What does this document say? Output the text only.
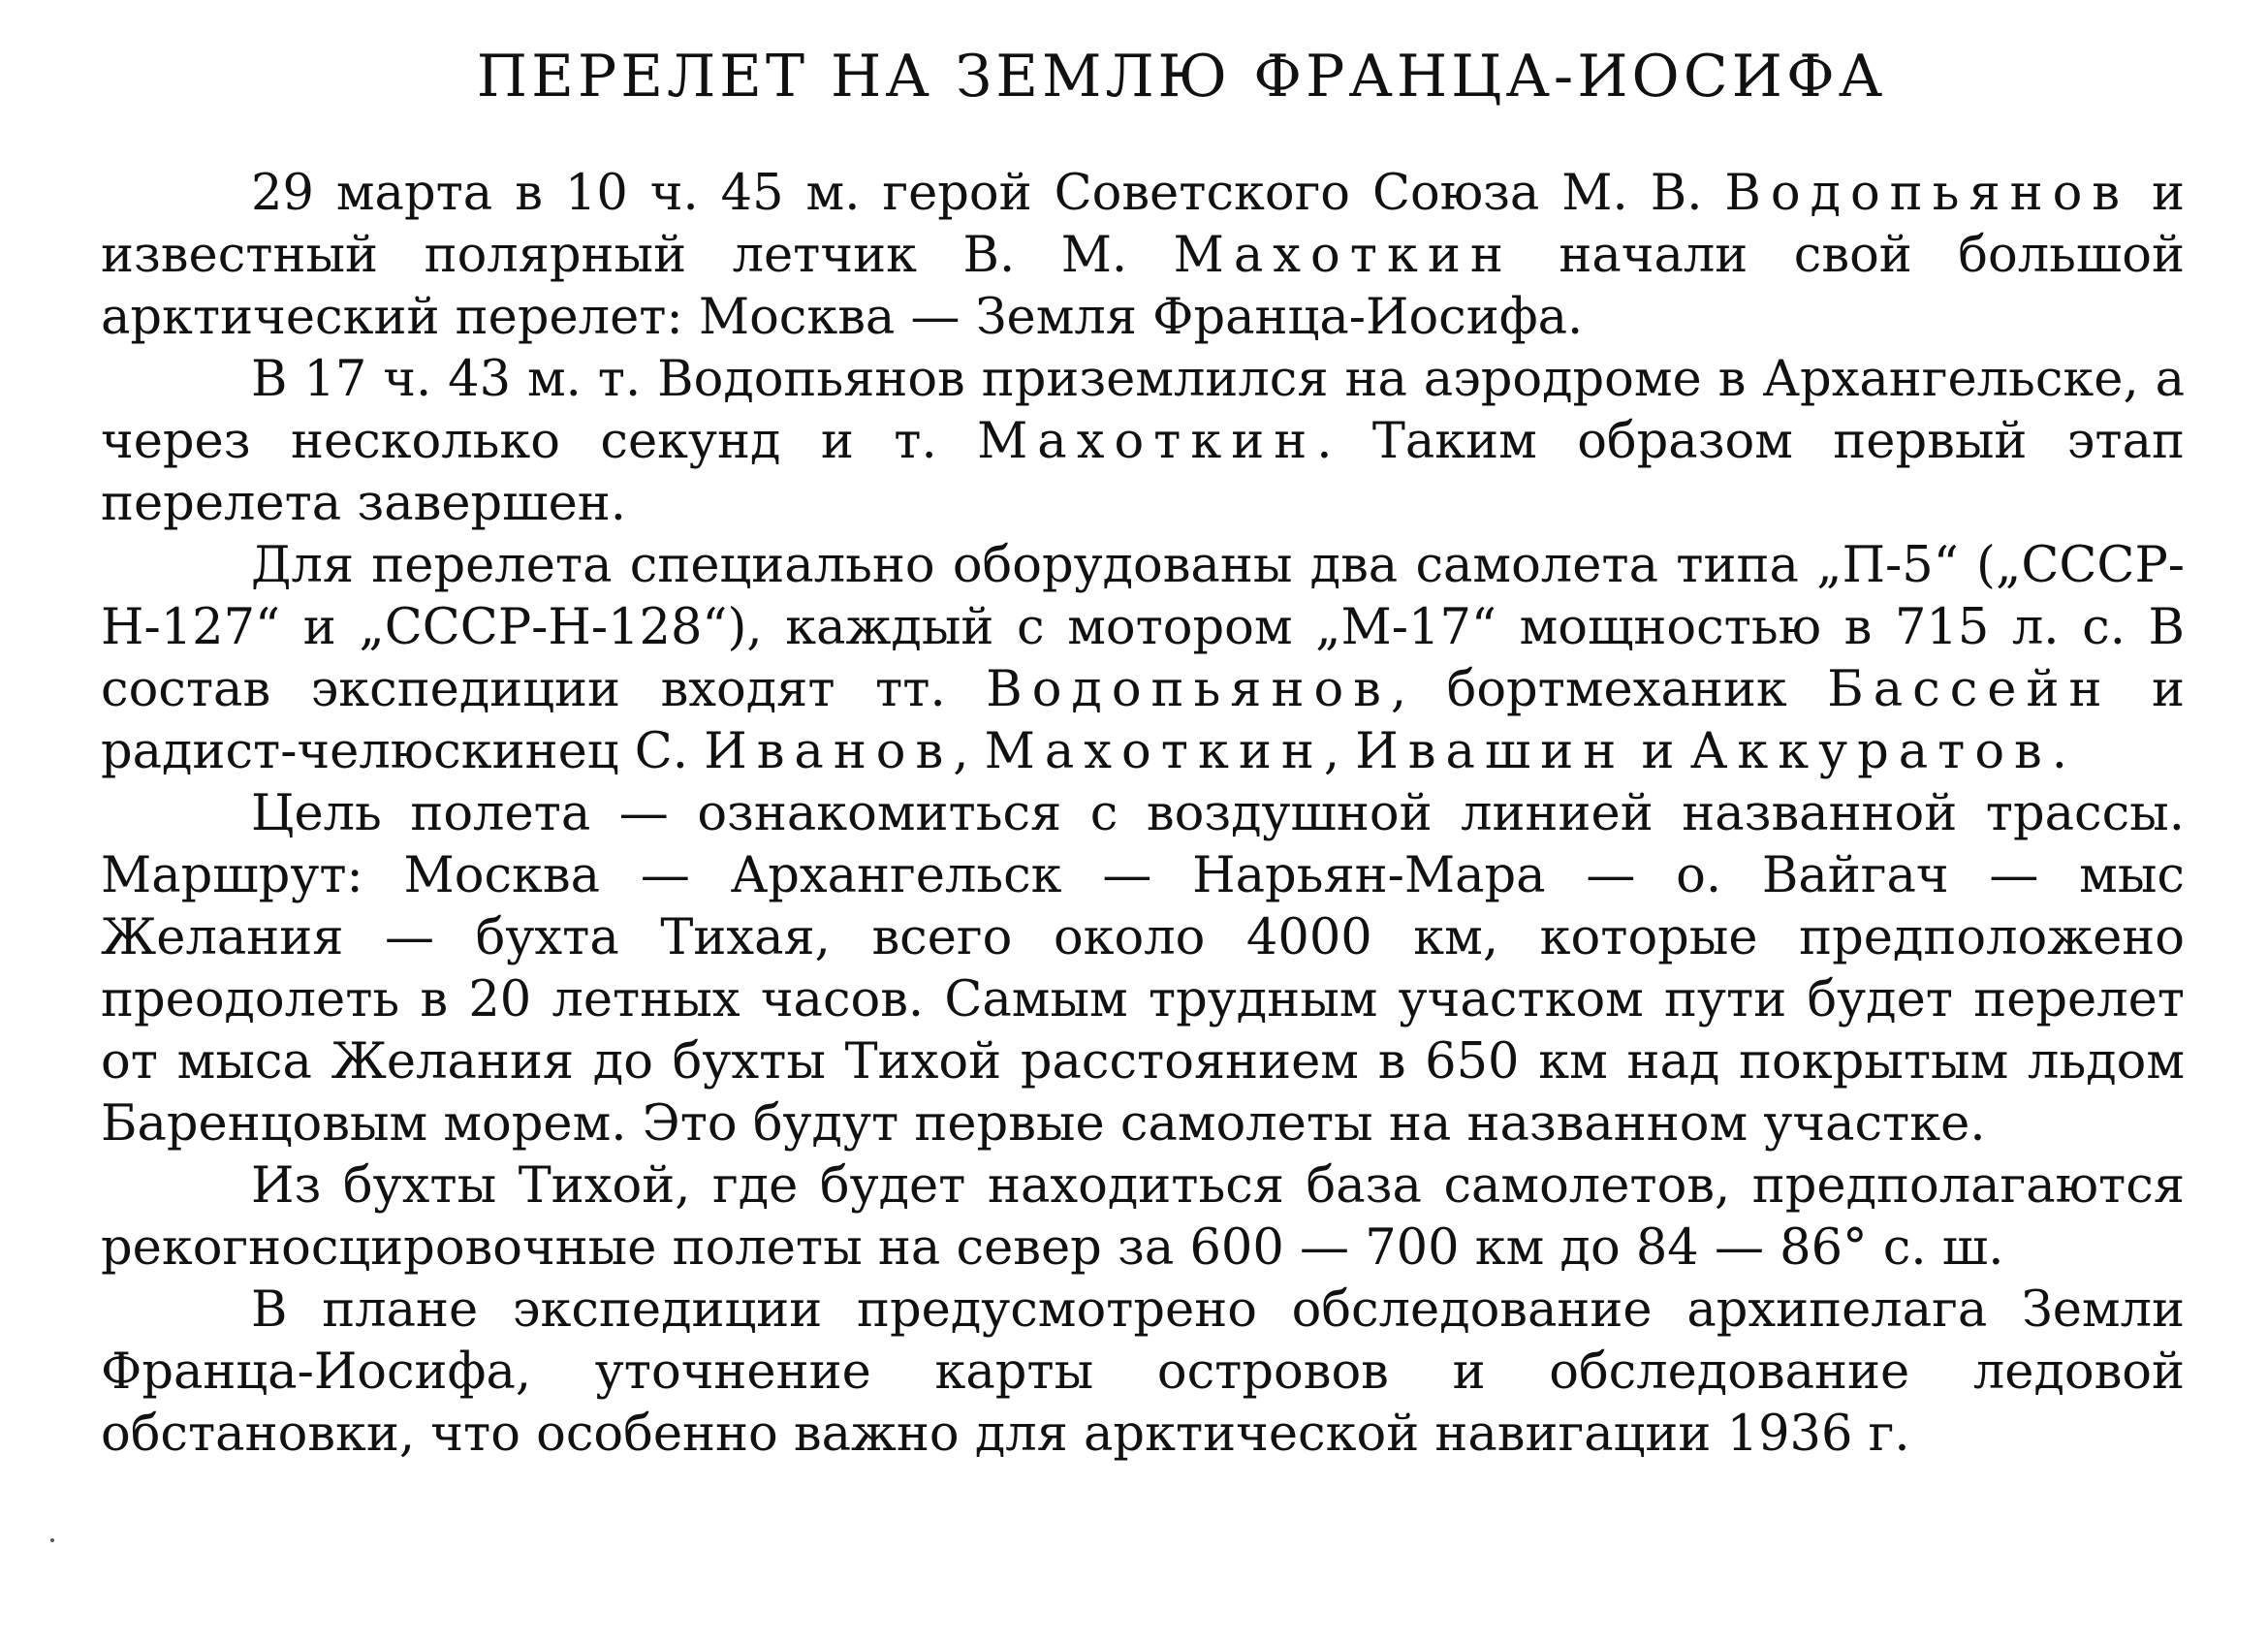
ПЕРЕЛЕТ НА ЗЕМЛЮ ФРАНЦА-ИОСИФА

29 марта в 10 ч. 45 м. герой Советского Союза М. В. Водопьянов и известный полярный летчик В. М. Махоткин начали свой большой арктический перелет: Москва — Земля Франца-Иосифа.

В 17 ч. 43 м. т. Водопьянов приземлился на аэродроме в Архангельске, а через несколько секунд и т. Махоткин. Таким образом первый этап перелета завершен.

Для перелета специально оборудованы два самолета типа „П-5“ („СССР-Н-127“ и „СССР-Н-128“), каждый с мотором „М-17“ мощностью в 715 л. с. В состав экспедиции входят тт. Водопьянов, бортмеханик Бассейн и радист-челюскинец С. Иванов, Махоткин, Ивашин и Аккуратов.

Цель полета — ознакомиться с воздушной линией названной трассы. Маршрут: Москва — Архангельск — Нарьян-Мара — о. Вайгач — мыс Желания — бухта Тихая, всего около 4000 км, которые предположено преодолеть в 20 летных часов. Самым трудным участком пути будет перелет от мыса Желания до бухты Тихой расстоянием в 650 км над покрытым льдом Баренцовым морем. Это будут первые самолеты на названном участке.

Из бухты Тихой, где будет находиться база самолетов, предполагаются рекогносцировочные полеты на север за 600 — 700 км до 84 — 86° с. ш.

В плане экспедиции предусмотрено обследование архипелага Земли Франца-Иосифа, уточнение карты островов и обследование ледовой обстановки, что особенно важно для арктической навигации 1936 г.
